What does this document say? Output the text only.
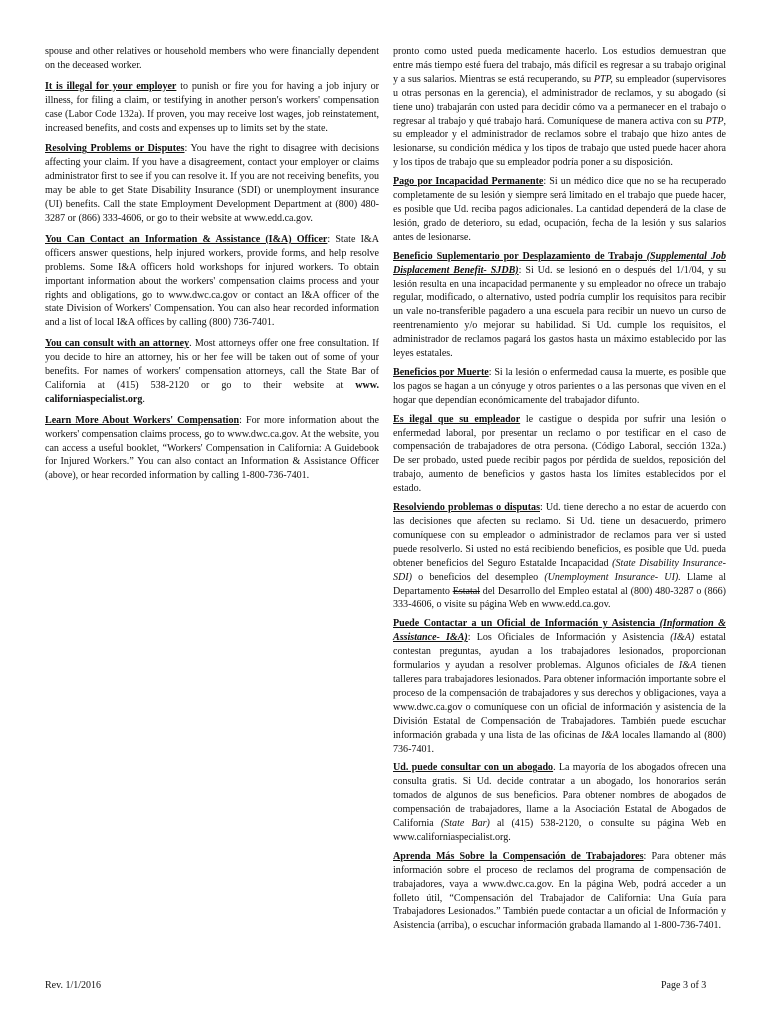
spouse and other relatives or household members who were financially dependent on the deceased worker.

It is illegal for your employer to punish or fire you for having a job injury or illness, for filing a claim, or testifying in another person's workers' compensation case (Labor Code 132a). If proven, you may receive lost wages, job reinstatement, increased benefits, and costs and expenses up to limits set by the state.

Resolving Problems or Disputes: You have the right to disagree with decisions affecting your claim. If you have a disagreement, contact your employer or claims administrator first to see if you can resolve it. If you are not receiving benefits, you may be able to get State Disability Insurance (SDI) or unemployment insurance (UI) benefits. Call the state Employment Development Department at (800) 480-3287 or (866) 333-4606, or go to their website at www.edd.ca.gov.

You Can Contact an Information & Assistance (I&A) Officer: State I&A officers answer questions, help injured workers, provide forms, and help resolve problems. Some I&A officers hold workshops for injured workers. To obtain important information about the workers' compensation claims process and your rights and obligations, go to www.dwc.ca.gov or contact an I&A officer of the state Division of Workers' Compensation. You can also hear recorded information and a list of local I&A offices by calling (800) 736-7401.

You can consult with an attorney. Most attorneys offer one free consultation. If you decide to hire an attorney, his or her fee will be taken out of some of your benefits. For names of workers' compensation attorneys, call the State Bar of California at (415) 538-2120 or go to their website at www. californiaspecialist.org.

Learn More About Workers' Compensation: For more information about the workers' compensation claims process, go to www.dwc.ca.gov. At the website, you can access a useful booklet, “Workers' Compensation in California: A Guidebook for Injured Workers.” You can also contact an Information & Assistance Officer (above), or hear recorded information by calling 1-800-736-7401.

pronto como usted pueda medicamente hacerlo. Los estudios demuestran que entre más tiempo esté fuera del trabajo, más difícil es regresar a su trabajo original y a sus salarios. Mientras se está recuperando, su PTP, su empleador (supervisores u otras personas en la gerencia), el administrador de reclamos, y su abogado (si tiene uno) trabajarán con usted para decidir cómo va a permanecer en el trabajo o regresar al trabajo y qué trabajo hará. Comuníquese de manera activa con su PTP, su empleador y el administrador de reclamos sobre el trabajo que hizo antes de lesionarse, su condición médica y los tipos de trabajo que usted puede hacer ahora y los tipos de trabajo que su empleador podría poner a su disposición.

Pago por Incapacidad Permanente: Si un médico dice que no se ha recuperado completamente de su lesión y siempre será limitado en el trabajo que puede hacer, es posible que Ud. reciba pagos adicionales. La cantidad dependerá de la clase de lesión, grado de deterioro, su edad, ocupación, fecha de la lesión y sus salarios antes de lesionarse.

Beneficio Suplementario por Desplazamiento de Trabajo (Supplemental Job Displacement Benefit- SJDB): Si Ud. se lesionó en o después del 1/1/04, y su lesión resulta en una incapacidad permanente y su empleador no ofrece un trabajo regular, modificado, o alternativo, usted podría cumplir los requisitos para recibir un vale no-transferible pagadero a una escuela para recibir un nuevo un curso de reentrenamiento y/o mejorar su habilidad. Si Ud. cumple los requisitos, el administrador de reclamos pagará los gastos hasta un máximo establecido por las leyes estatales.

Beneficios por Muerte: Si la lesión o enfermedad causa la muerte, es posible que los pagos se hagan a un cónyuge y otros parientes o a las personas que viven en el hogar que dependían económicamente del trabajador difunto.

Es ilegal que su empleador le castigue o despida por sufrir una lesión o enfermedad laboral, por presentar un reclamo o por testificar en el caso de compensación de trabajadores de otra persona. (Código Laboral, sección 132a.) De ser probado, usted puede recibir pagos por pérdida de sueldos, reposición del trabajo, aumento de beneficios y gastos hasta los límites establecidos por el estado.

Resolviendo problemas o disputas: Ud. tiene derecho a no estar de acuerdo con las decisiones que afecten su reclamo. Si Ud. tiene un desacuerdo, primero comuníquese con su empleador o administrador de reclamos para ver si usted puede resolverlo. Si usted no está recibiendo beneficios, es posible que Ud. pueda obtener beneficios del Seguro Estatalde Incapacidad (State Disability Insurance-SDI) o beneficios del desempleo (Unemployment Insurance- UI). Llame al Departamento Estatal del Desarrollo del Empleo estatal al (800) 480-3287 o (866) 333-4606, o visite su página Web en www.edd.ca.gov.

Puede Contactar a un Oficial de Información y Asistencia (Information & Assistance- I&A): Los Oficiales de Información y Asistencia (I&A) estatal contestan preguntas, ayudan a los trabajadores lesionados, proporcionan formularios y ayudan a resolver problemas. Algunos oficiales de I&A tienen talleres para trabajadores lesionados. Para obtener información importante sobre el proceso de la compensación de trabajadores y sus derechos y obligaciones, vaya a www.dwc.ca.gov o comuníquese con un oficial de información y asistencia de la División Estatal de Compensación de Trabajadores. También puede escuchar información grabada y una lista de las oficinas de I&A locales llamando al (800) 736-7401.

Ud. puede consultar con un abogado. La mayoría de los abogados ofrecen una consulta gratis. Si Ud. decide contratar a un abogado, los honorarios serán tomados de algunos de sus beneficios. Para obtener nombres de abogados de compensación de trabajadores, llame a la Asociación Estatal de Abogados de California (State Bar) al (415) 538-2120, o consulte su página Web en www.californiaspecialist.org.

Aprenda Más Sobre la Compensación de Trabajadores: Para obtener más información sobre el proceso de reclamos del programa de compensación de trabajadores, vaya a www.dwc.ca.gov. En la página Web, podrá acceder a un folleto útil, “Compensación del Trabajador de California: Una Guía para Trabajadores Lesionados.” También puede contactar a un oficial de Información y Asistencia (arriba), o escuchar información grabada llamando al 1-800-736-7401.

Rev. 1/1/2016	Page 3 of 3
